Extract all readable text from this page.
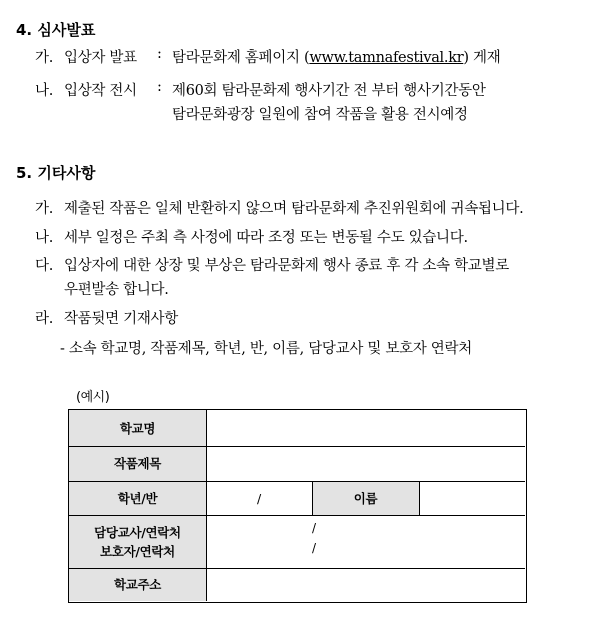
4. 심사발표
가. 입상자 발표 : 탐라문화제 홈페이지 (www.tamnafestival.kr) 게재
나. 입상작 전시 : 제60회 탐라문화제 행사기간 전 부터 행사기간동안
탐라문화광장 일원에 참여 작품을 활용 전시예정
5. 기타사항
가. 제출된 작품은 일체 반환하지 않으며 탐라문화제 추진위원회에 귀속됩니다.
나. 세부 일정은 주최 측 사정에 따라 조정 또는 변동될 수도 있습니다.
다. 입상자에 대한 상장 및 부상은 탐라문화제 행사 종료 후 각 소속 학교별로
우편발송 합니다.
라. 작품뒷면 기재사항
- 소속 학교명, 작품제목, 학년, 반, 이름, 담당교사 및 보호자 연락처
(예시)
학교명
작품제목
학년/반	이름
담당교사/연락처
보호자/연락처
학교주소
/
/
/
